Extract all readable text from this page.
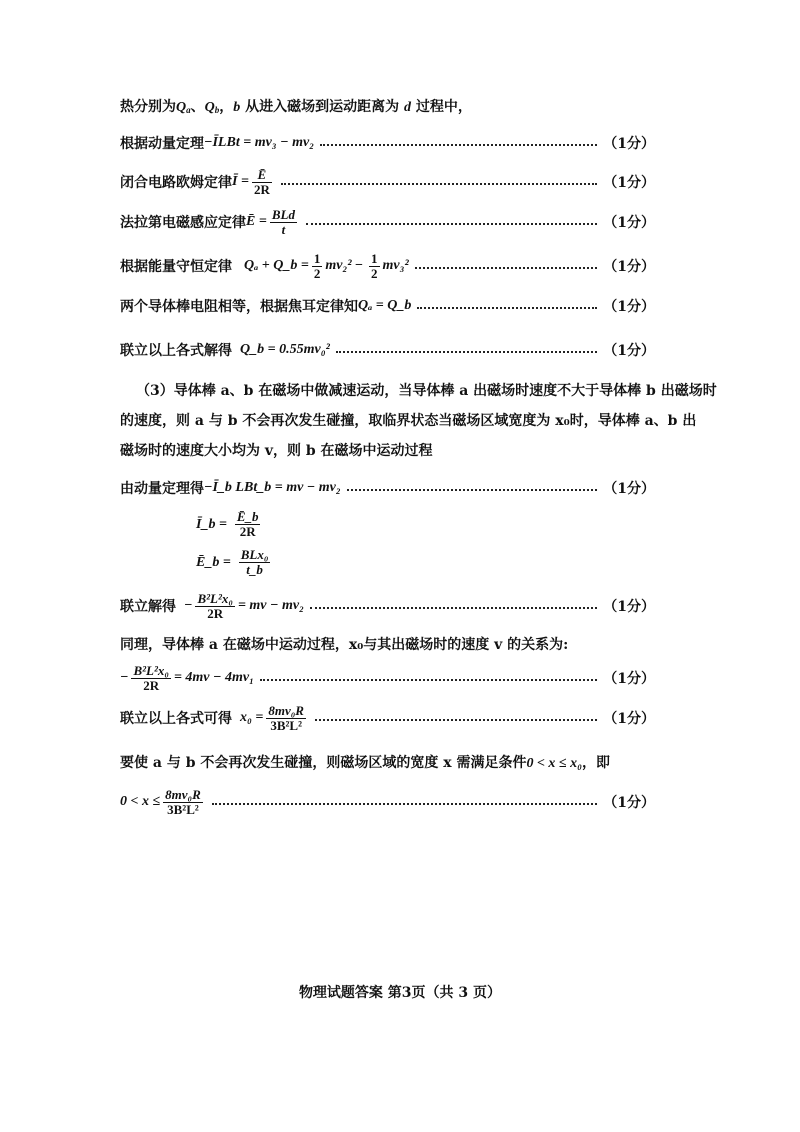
热分别为$Q_a$、$Q_b$，b 从进入磁场到运动距离为 d 过程中，
根据动量定理 −ĪLBt = mv₃ − mv₂	（1分）
闭合电路欧姆定律 Ī = $\frac{Ē}{2R}$	（1分）
法拉第电磁感应定律 Ē = $\frac{\text{BLd}}{t}$	（1分）
根据能量守恒定律 Qₐ + Q_b = $\frac{1}{2} mv_2^2 - \frac{1}{2} mv_3^2$	（1分）
两个导体棒电阻相等，根据焦耳定律知 Qₐ = Q_b	（1分）
联立以上各式解得 Q_b = 0.55mv₀²	（1分）
（3）导体棒 a、b 在磁场中做减速运动，当导体棒 a 出磁场时速度不大于导体棒 b 出磁场时
的速度，则 a 与 b 不会再次发生碰撞，取临界状态当磁场区域宽度为 x₀时，导体棒 a、b 出
磁场时的速度大小均为 v，则 b 在磁场中运动过程
由动量定理得 −Ī_b LBt_b = mv − mv₂	（1分）
Ī_b = $\frac{Ē\_b}{2R}$
Ē_b = $\frac{\text{BLx₀}}{t\_b}$
联立解得 − $\frac{\text{B²L²x₀}}{2R}$ = mv − mv₂	（1分）
同理，导体棒 a 在磁场中运动过程，x₀与其出磁场时的速度 v 的关系为:
− $\frac{\text{B²L²x₀}}{2R} = 4mv - 4mv_1$	（1分）
联立以上各式可得 $x_0 = \frac{\text{8mv₀R}}{\text{3B²L²}}$	（1分）
要使 a 与 b 不会再次发生碰撞，则磁场区域的宽度 x 需满足条件0 < x ≤ x₀，即
$0 < x \le \frac{\text{8mv₀R}}{\text{3B²L²}}$	（1分）
物理试题答案 第3页（共 3 页）
